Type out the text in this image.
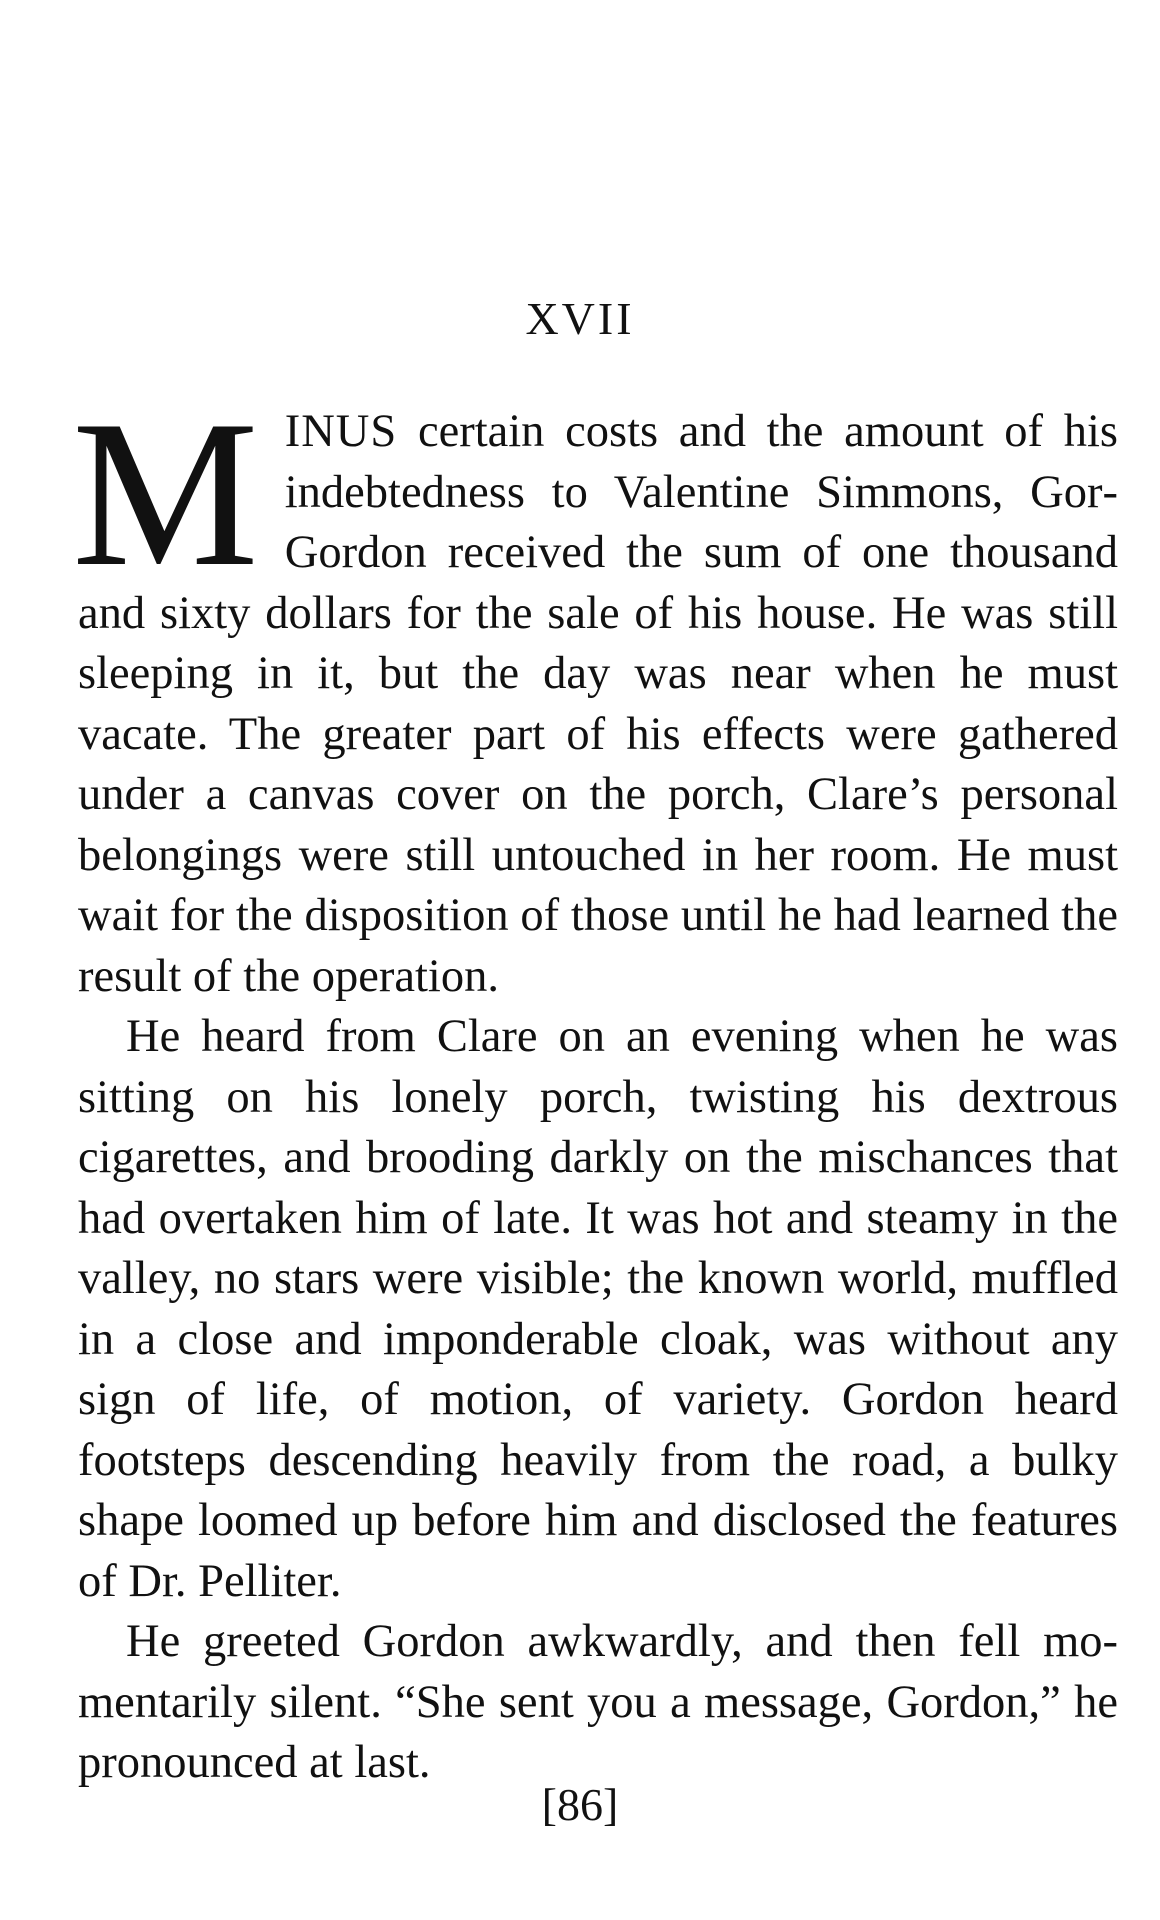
XVII

MINUS certain costs and the amount of his indebtedness to Valentine Simmons, GorGordon received the sum of one thousand and sixty dollars for the sale of his house. He was still sleeping in it, but the day was near when he must vacate. The greater part of his effects were gathered under a canvas cover on the porch, Clare’s personal belongings were still untouched in her room. He must wait for the disposition of those until he had learned the result of the operation.

He heard from Clare on an evening when he was sitting on his lonely porch, twisting his dextrous cigarettes, and brooding darkly on the mischances that had overtaken him of late. It was hot and steamy in the valley, no stars were visible; the known world, muffled in a close and imponderable cloak, was without any sign of life, of motion, of variety. Gordon heard footsteps descending heavily from the road, a bulky shape loomed up before him and disclosed the features of Dr. Pelliter.

He greeted Gordon awkwardly, and then fell momentarily silent. “She sent you a message, Gordon,” he pronounced at last.

[86]
